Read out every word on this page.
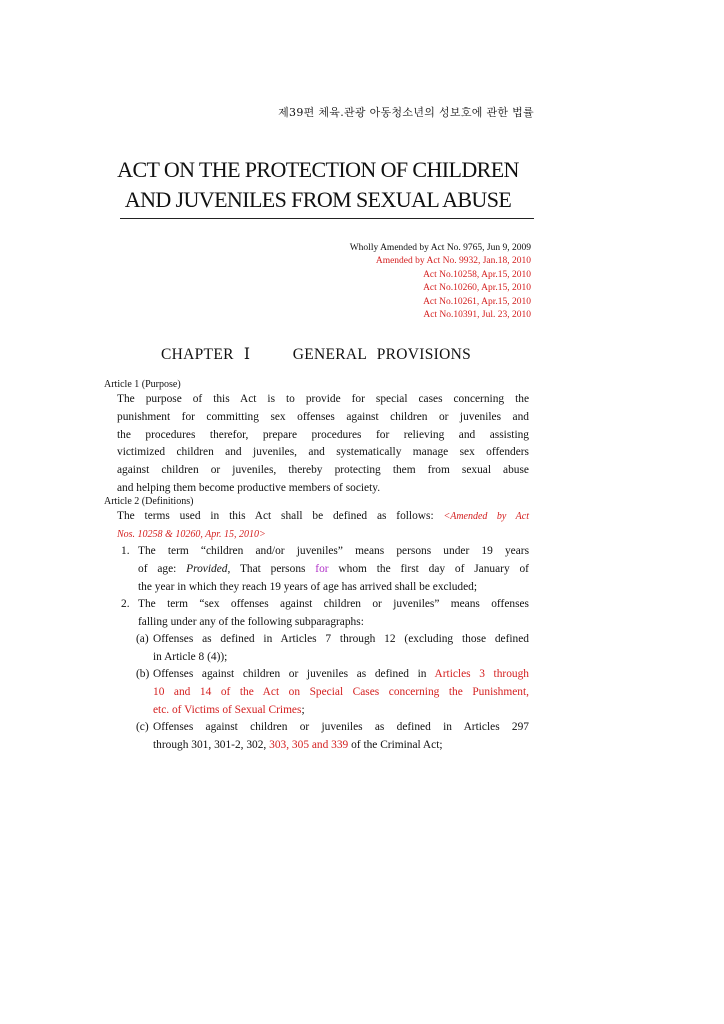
제39편 체육.관광 아동청소년의 성보호에 관한 법률
ACT ON THE PROTECTION OF CHILDREN
AND JUVENILES FROM SEXUAL ABUSE
Wholly Amended by Act No. 9765, Jun 9, 2009
Amended by Act No. 9932, Jan.18, 2010
Act No.10258, Apr.15, 2010
Act No.10260, Apr.15, 2010
Act No.10261, Apr.15, 2010
Act No.10391, Jul. 23, 2010
CHAPTER Ⅰ	GENERAL PROVISIONS
Article 1 (Purpose)
The purpose of this Act is to provide for special cases concerning the
punishment for committing sex offenses against children or juveniles and
the procedures therefor, prepare procedures for relieving and assisting
victimized children and juveniles, and systematically manage sex offenders
against children or juveniles, thereby protecting them from sexual abuse
and helping them become productive members of society.
Article 2 (Definitions)
The terms used in this Act shall be defined as follows: <Amended by Act
Nos. 10258 & 10260, Apr. 15, 2010>
1. The term “children and/or juveniles” means persons under 19 years
of age: Provided, That persons for whom the first day of January of
the year in which they reach 19 years of age has arrived shall be excluded;
2. The term “sex offenses against children or juveniles” means offenses
falling under any of the following subparagraphs:
(a) Offenses as defined in Articles 7 through 12 (excluding those defined
in Article 8 (4));
(b) Offenses against children or juveniles as defined in Articles 3 through
10 and 14 of the Act on Special Cases concerning the Punishment,
etc. of Victims of Sexual Crimes;
(c) Offenses against children or juveniles as defined in Articles 297
through 301, 301-2, 302, 303, 305 and 339 of the Criminal Act;
